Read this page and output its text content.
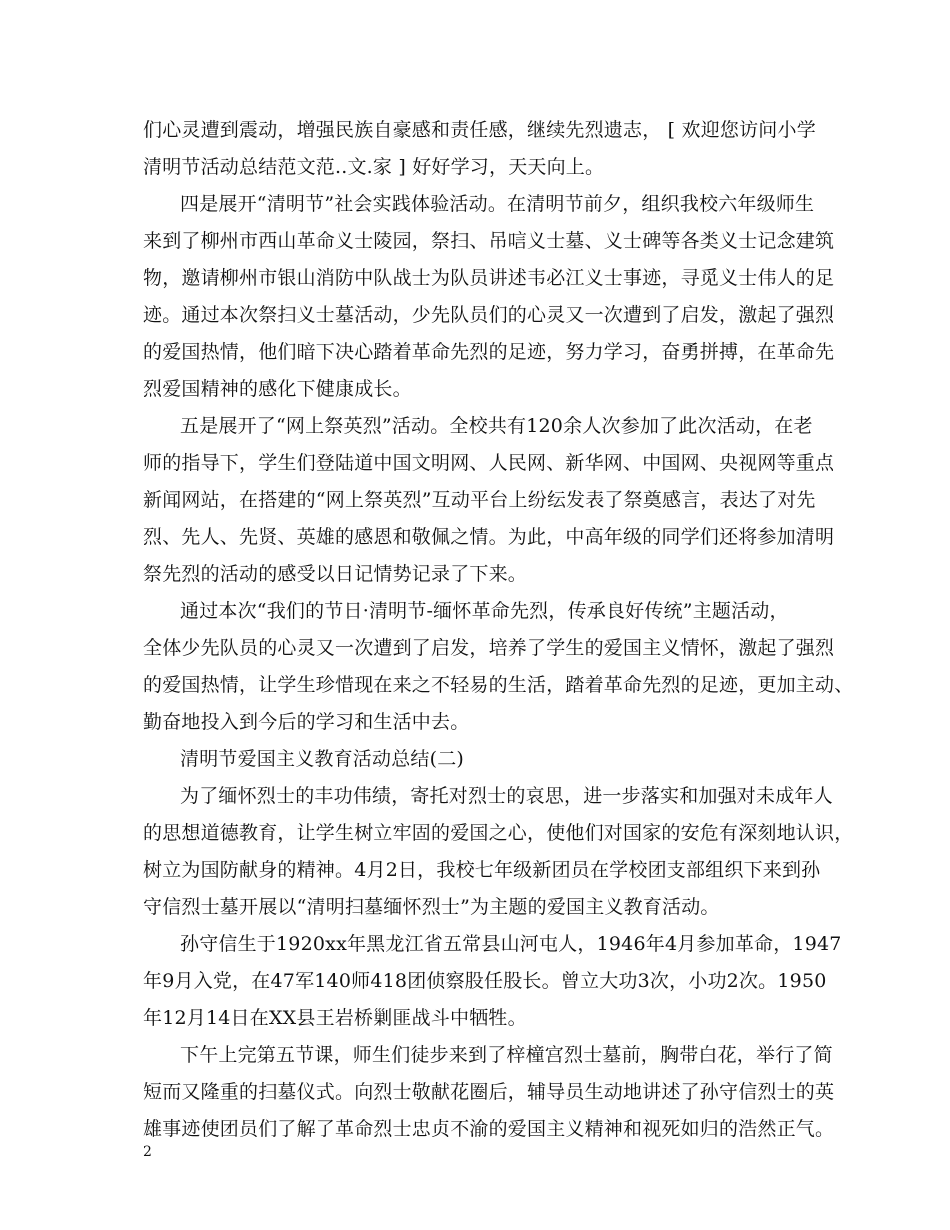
们心灵遭到震动，增强民族自豪感和责任感，继续先烈遗志， [ 欢迎您访问小学
清明节活动总结范文范..文.家 ] 好好学习，天天向上。
四是展开“清明节”社会实践体验活动。在清明节前夕，组织我校六年级师生
来到了柳州市西山革命义士陵园，祭扫、吊唁义士墓、义士碑等各类义士记念建筑
物，邀请柳州市银山消防中队战士为队员讲述韦必江义士事迹，寻觅义士伟人的足
迹。通过本次祭扫义士墓活动，少先队员们的心灵又一次遭到了启发，激起了强烈
的爱国热情，他们暗下决心踏着革命先烈的足迹，努力学习，奋勇拼搏，在革命先
烈爱国精神的感化下健康成长。
五是展开了“网上祭英烈”活动。全校共有120余人次参加了此次活动，在老
师的指导下，学生们登陆道中国文明网、人民网、新华网、中国网、央视网等重点
新闻网站，在搭建的“网上祭英烈”互动平台上纷纭发表了祭奠感言，表达了对先
烈、先人、先贤、英雄的感恩和敬佩之情。为此，中高年级的同学们还将参加清明
祭先烈的活动的感受以日记情势记录了下来。
通过本次“我们的节日·清明节-缅怀革命先烈，传承良好传统”主题活动，
全体少先队员的心灵又一次遭到了启发，培养了学生的爱国主义情怀，激起了强烈
的爱国热情，让学生珍惜现在来之不轻易的生活，踏着革命先烈的足迹，更加主动、
勤奋地投入到今后的学习和生活中去。
清明节爱国主义教育活动总结(二)
为了缅怀烈士的丰功伟绩，寄托对烈士的哀思，进一步落实和加强对未成年人
的思想道德教育，让学生树立牢固的爱国之心，使他们对国家的安危有深刻地认识，
树立为国防献身的精神。4月2日，我校七年级新团员在学校团支部组织下来到孙
守信烈士墓开展以“清明扫墓缅怀烈士”为主题的爱国主义教育活动。
孙守信生于1920xx年黑龙江省五常县山河屯人，1946年4月参加革命，1947
年9月入党，在47军140师418团侦察股任股长。曾立大功3次，小功2次。1950
年12月14日在XX县王岩桥剿匪战斗中牺牲。
下午上完第五节课，师生们徒步来到了梓橦宫烈士墓前，胸带白花，举行了简
短而又隆重的扫墓仪式。向烈士敬献花圈后，辅导员生动地讲述了孙守信烈士的英
雄事迹使团员们了解了革命烈士忠贞不渝的爱国主义精神和视死如归的浩然正气。
2
